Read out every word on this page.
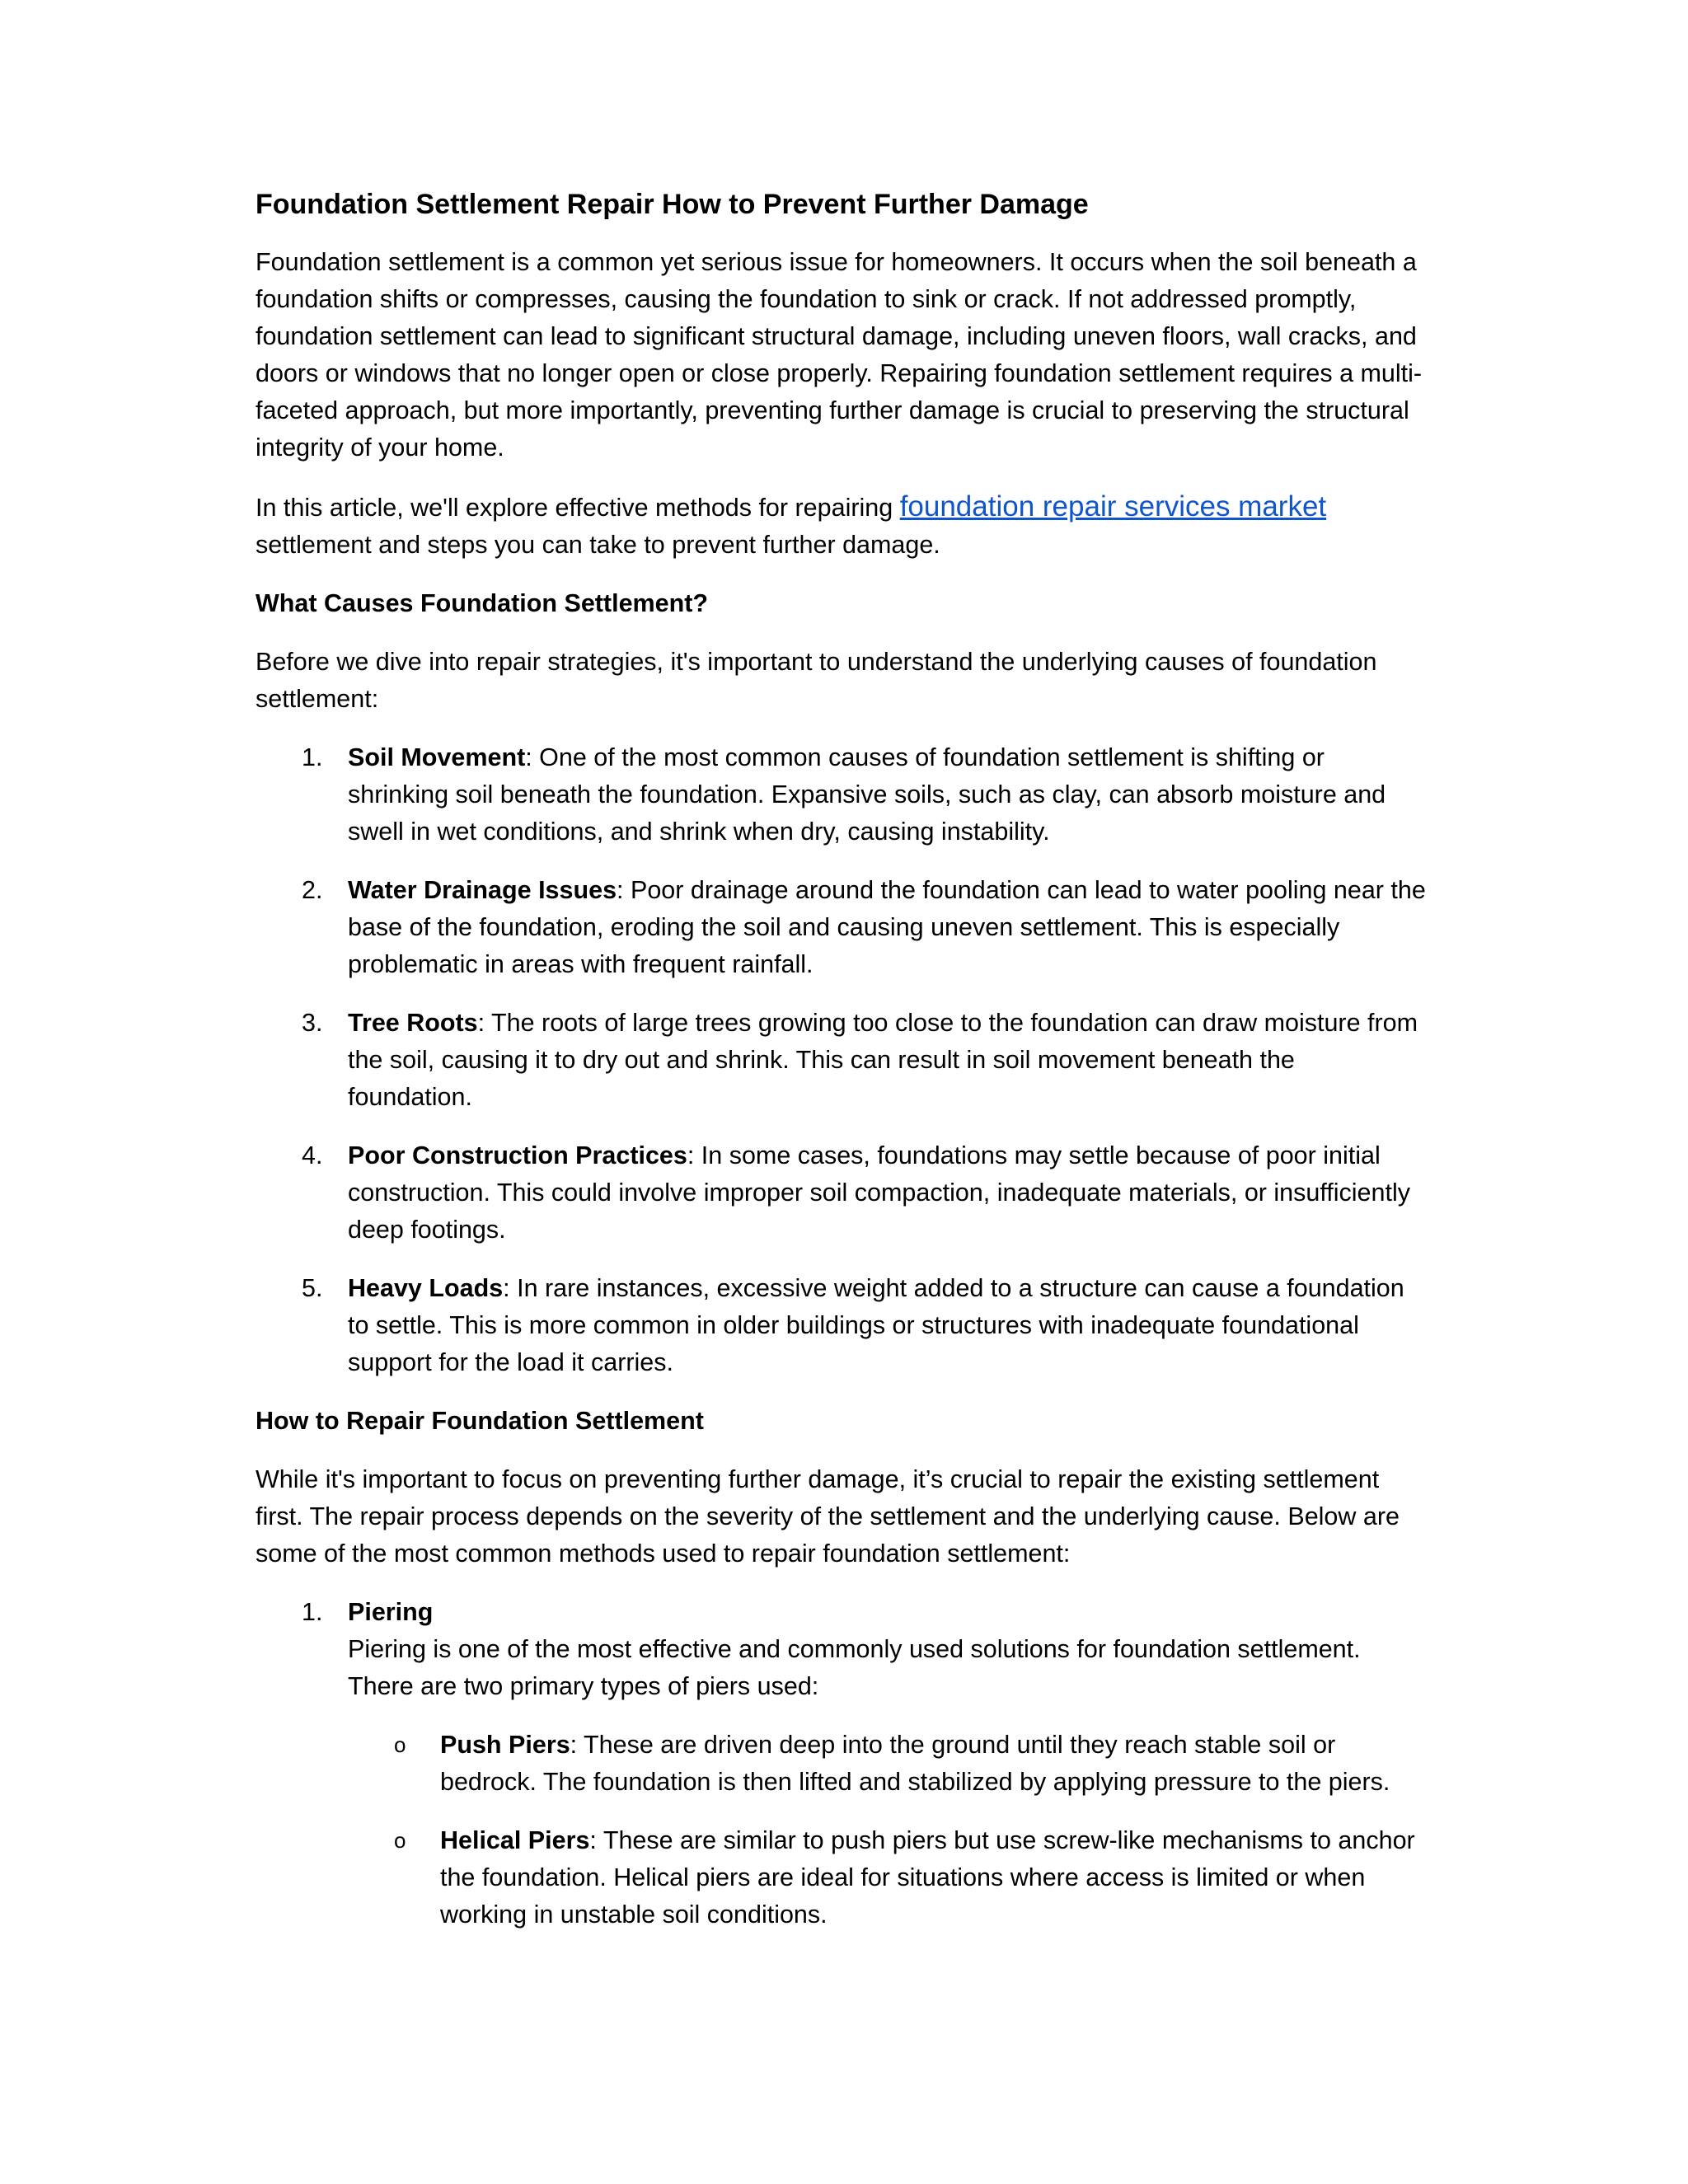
Foundation Settlement Repair How to Prevent Further Damage

Foundation settlement is a common yet serious issue for homeowners. It occurs when the soil beneath a foundation shifts or compresses, causing the foundation to sink or crack. If not addressed promptly, foundation settlement can lead to significant structural damage, including uneven floors, wall cracks, and doors or windows that no longer open or close properly. Repairing foundation settlement requires a multi-faceted approach, but more importantly, preventing further damage is crucial to preserving the structural integrity of your home.

In this article, we'll explore effective methods for repairing foundation repair services market settlement and steps you can take to prevent further damage.

What Causes Foundation Settlement?

Before we dive into repair strategies, it's important to understand the underlying causes of foundation settlement:

1. Soil Movement: One of the most common causes of foundation settlement is shifting or shrinking soil beneath the foundation. Expansive soils, such as clay, can absorb moisture and swell in wet conditions, and shrink when dry, causing instability.
2. Water Drainage Issues: Poor drainage around the foundation can lead to water pooling near the base of the foundation, eroding the soil and causing uneven settlement. This is especially problematic in areas with frequent rainfall.
3. Tree Roots: The roots of large trees growing too close to the foundation can draw moisture from the soil, causing it to dry out and shrink. This can result in soil movement beneath the foundation.
4. Poor Construction Practices: In some cases, foundations may settle because of poor initial construction. This could involve improper soil compaction, inadequate materials, or insufficiently deep footings.
5. Heavy Loads: In rare instances, excessive weight added to a structure can cause a foundation to settle. This is more common in older buildings or structures with inadequate foundational support for the load it carries.
How to Repair Foundation Settlement

While it's important to focus on preventing further damage, it’s crucial to repair the existing settlement first. The repair process depends on the severity of the settlement and the underlying cause. Below are some of the most common methods used to repair foundation settlement:

1. Piering
Piering is one of the most effective and commonly used solutions for foundation settlement. There are two primary types of piers used:
o Push Piers: These are driven deep into the ground until they reach stable soil or bedrock. The foundation is then lifted and stabilized by applying pressure to the piers.
o Helical Piers: These are similar to push piers but use screw-like mechanisms to anchor the foundation. Helical piers are ideal for situations where access is limited or when working in unstable soil conditions.
